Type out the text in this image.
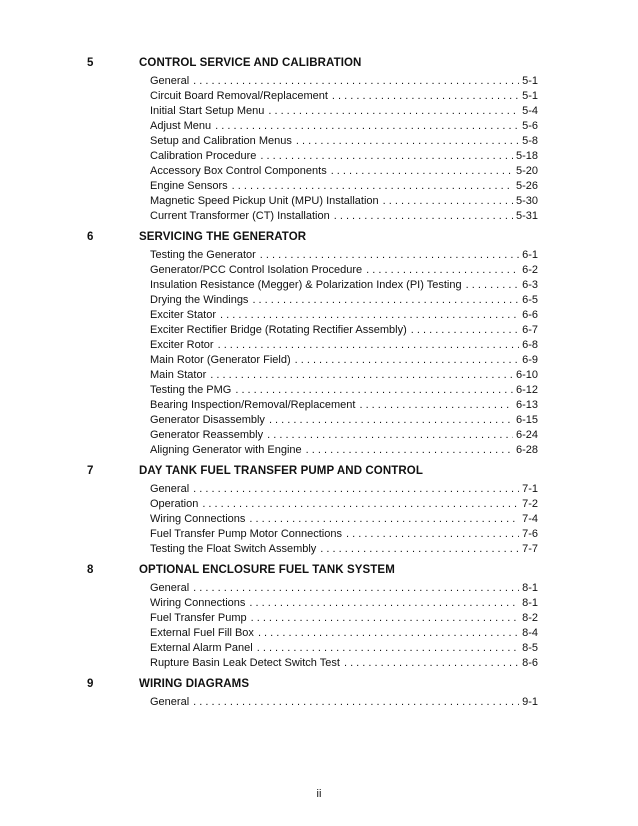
5	CONTROL SERVICE AND CALIBRATION
General . . .	5-1
Circuit Board Removal/Replacement . . .	5-1
Initial Start Setup Menu . . .	5-4
Adjust Menu . . .	5-6
Setup and Calibration Menus . . .	5-8
Calibration Procedure . . .	5-18
Accessory Box Control Components . . .	5-20
Engine Sensors . . .	5-26
Magnetic Speed Pickup Unit (MPU) Installation . . .	5-30
Current Transformer (CT) Installation . . .	5-31
6	SERVICING THE GENERATOR
Testing the Generator . . .	6-1
Generator/PCC Control Isolation Procedure . . .	6-2
Insulation Resistance (Megger) & Polarization Index (PI) Testing . . .	6-3
Drying the Windings . . .	6-5
Exciter Stator . . .	6-6
Exciter Rectifier Bridge (Rotating Rectifier Assembly) . . .	6-7
Exciter Rotor . . .	6-8
Main Rotor (Generator Field) . . .	6-9
Main Stator . . .	6-10
Testing the PMG . . .	6-12
Bearing Inspection/Removal/Replacement . . .	6-13
Generator Disassembly . . .	6-15
Generator Reassembly . . .	6-24
Aligning Generator with Engine . . .	6-28
7	DAY TANK FUEL TRANSFER PUMP AND CONTROL
General . . .	7-1
Operation . . .	7-2
Wiring Connections . . .	7-4
Fuel Transfer Pump Motor Connections . . .	7-6
Testing the Float Switch Assembly . . .	7-7
8	OPTIONAL ENCLOSURE FUEL TANK SYSTEM
General . . .	8-1
Wiring Connections . . .	8-1
Fuel Transfer Pump . . .	8-2
External Fuel Fill Box . . .	8-4
External Alarm Panel . . .	8-5
Rupture Basin Leak Detect Switch Test . . .	8-6
9	WIRING DIAGRAMS
General . . .	9-1
ii
